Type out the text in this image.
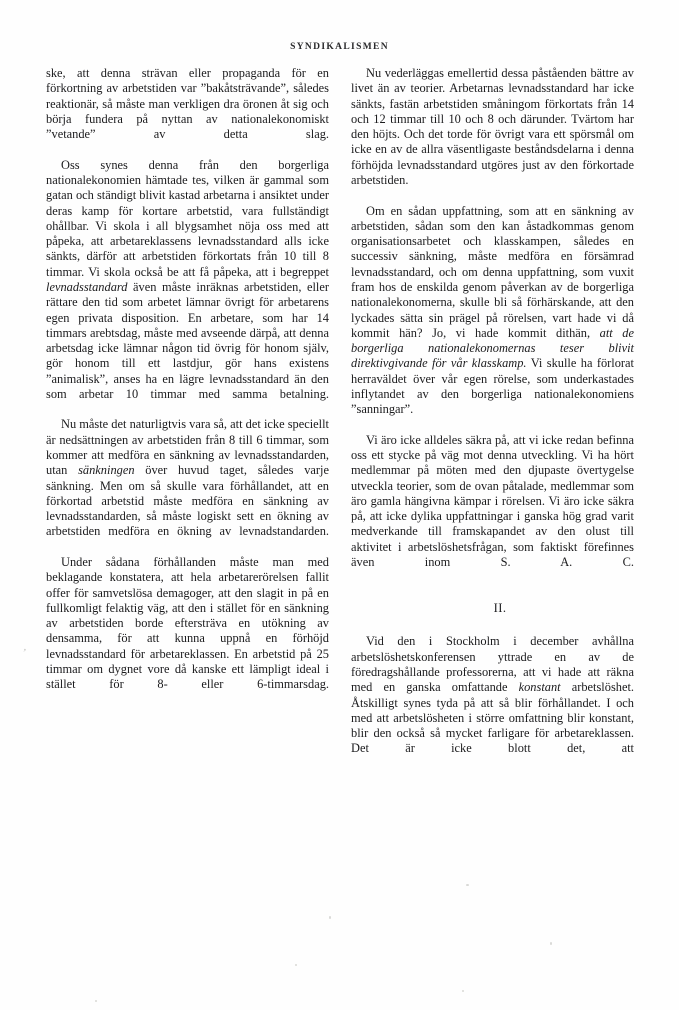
SYNDIKALISMEN

ske, att denna strävan eller propaganda för en förkortning av arbetstiden var ”bakåtsträvande”, således reaktionär, så måste man verkligen dra öronen åt sig och börja fundera på nyttan av nationalekonomiskt ”vetande” av detta slag.

Oss synes denna från den borgerliga nationalekonomien hämtade tes, vilken är gammal som gatan och ständigt blivit kastad arbetarna i ansiktet under deras kamp för kortare arbetstid, vara fullständigt ohållbar. Vi skola i all blygsamhet nöja oss med att påpeka, att arbetareklassens levnadsstandard alls icke sänkts, därför att arbetstiden förkortats från 10 till 8 timmar. Vi skola också be att få påpeka, att i begreppet levnadsstandard även måste inräknas arbetstiden, eller rättare den tid som arbetet lämnar övrigt för arbetarens egen privata disposition. En arbetare, som har 14 timmars arebtsdag, måste med avseende därpå, att denna arbetsdag icke lämnar någon tid övrig för honom själv, gör honom till ett lastdjur, gör hans existens ”animalisk”, anses ha en lägre levnadsstandard än den som arbetar 10 timmar med samma betalning.

Nu måste det naturligtvis vara så, att det icke speciellt är nedsättningen av arbetstiden från 8 till 6 timmar, som kommer att medföra en sänkning av levnadsstandarden, utan sänkningen över huvud taget, således varje sänkning. Men om så skulle vara förhållandet, att en förkortad arbetstid måste medföra en sänkning av levnadsstandarden, så måste logiskt sett en ökning av arbetstiden medföra en ökning av levnadstandarden.

Under sådana förhållanden måste man med beklagande konstatera, att hela arbetarerörelsen fallit offer för samvetslösa demagoger, att den slagit in på en fullkomligt felaktig väg, att den i stället för en sänkning av arbetstiden borde eftersträva en utökning av densamma, för att kunna uppnå en förhöjd levnadsstandard för arbetareklassen. En arbetstid på 25 timmar om dygnet vore då kanske ett lämpligt ideal i stället för 8- eller 6-timmarsdag.

Nu vederläggas emellertid dessa påståenden bättre av livet än av teorier. Arbetarnas levnadsstandard har icke sänkts, fastän arbetstiden småningom förkortats från 14 och 12 timmar till 10 och 8 och därunder. Tvärtom har den höjts. Och det torde för övrigt vara ett spörsmål om icke en av de allra väsentligaste beståndsdelarna i denna förhöjda levnadsstandard utgöres just av den förkortade arbetstiden.

Om en sådan uppfattning, som att en sänkning av arbetstiden, sådan som den kan åstadkommas genom organisationsarbetet och klasskampen, således en successiv sänkning, måste medföra en försämrad levnadsstandard, och om denna uppfattning, som vuxit fram hos de enskilda genom påverkan av de borgerliga nationalekonomerna, skulle bli så förhärskande, att den lyckades sätta sin prägel på rörelsen, vart hade vi då kommit hän? Jo, vi hade kommit dithän, att de borgerliga nationalekonomernas teser blivit direktivgivande för vår klasskamp. Vi skulle ha förlorat herraväldet över vår egen rörelse, som underkastades inflytandet av den borgerliga nationalekonomiens ”sanningar”.

Vi äro icke alldeles säkra på, att vi icke redan befinna oss ett stycke på väg mot denna utveckling. Vi ha hört medlemmar på möten med den djupaste övertygelse utveckla teorier, som de ovan påtalade, medlemmar som äro gamla hängivna kämpar i rörelsen. Vi äro icke säkra på, att icke dylika uppfattningar i ganska hög grad varit medverkande till framskapandet av den olust till aktivitet i arbetslöshetsfrågan, som faktiskt förefinnes även inom S. A. C.

II.

Vid den i Stockholm i december avhållna arbetslöshetskonferensen yttrade en av de föredragshållande professorerna, att vi hade att räkna med en ganska omfattande konstant arbetslöshet. Åtskilligt synes tyda på att så blir förhållandet. I och med att arbetslösheten i större omfattning blir konstant, blir den också så mycket farligare för arbetareklassen. Det är icke blott det, att

’
